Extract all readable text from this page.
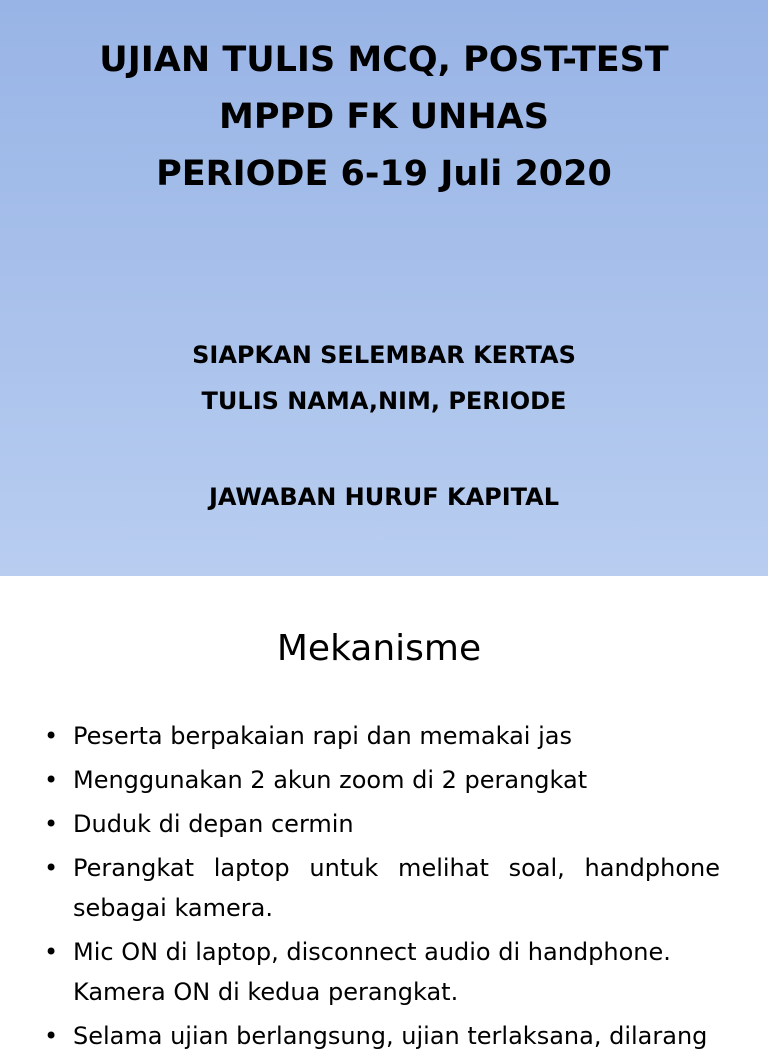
UJIAN TULIS MCQ, POST-TEST
MPPD FK UNHAS
PERIODE 6-19 Juli 2020
SIAPKAN SELEMBAR KERTAS
TULIS NAMA,NIM, PERIODE
JAWABAN HURUF KAPITAL
Mekanisme
• Peserta berpakaian rapi dan memakai jas
• Menggunakan 2 akun zoom di 2 perangkat
• Duduk di depan cermin
• Perangkat laptop untuk melihat soal, handphone sebagai kamera.
• Mic ON di laptop, disconnect audio di handphone. Kamera ON di kedua perangkat.
• Selama ujian berlangsung, ujian terlaksana, dilarang
